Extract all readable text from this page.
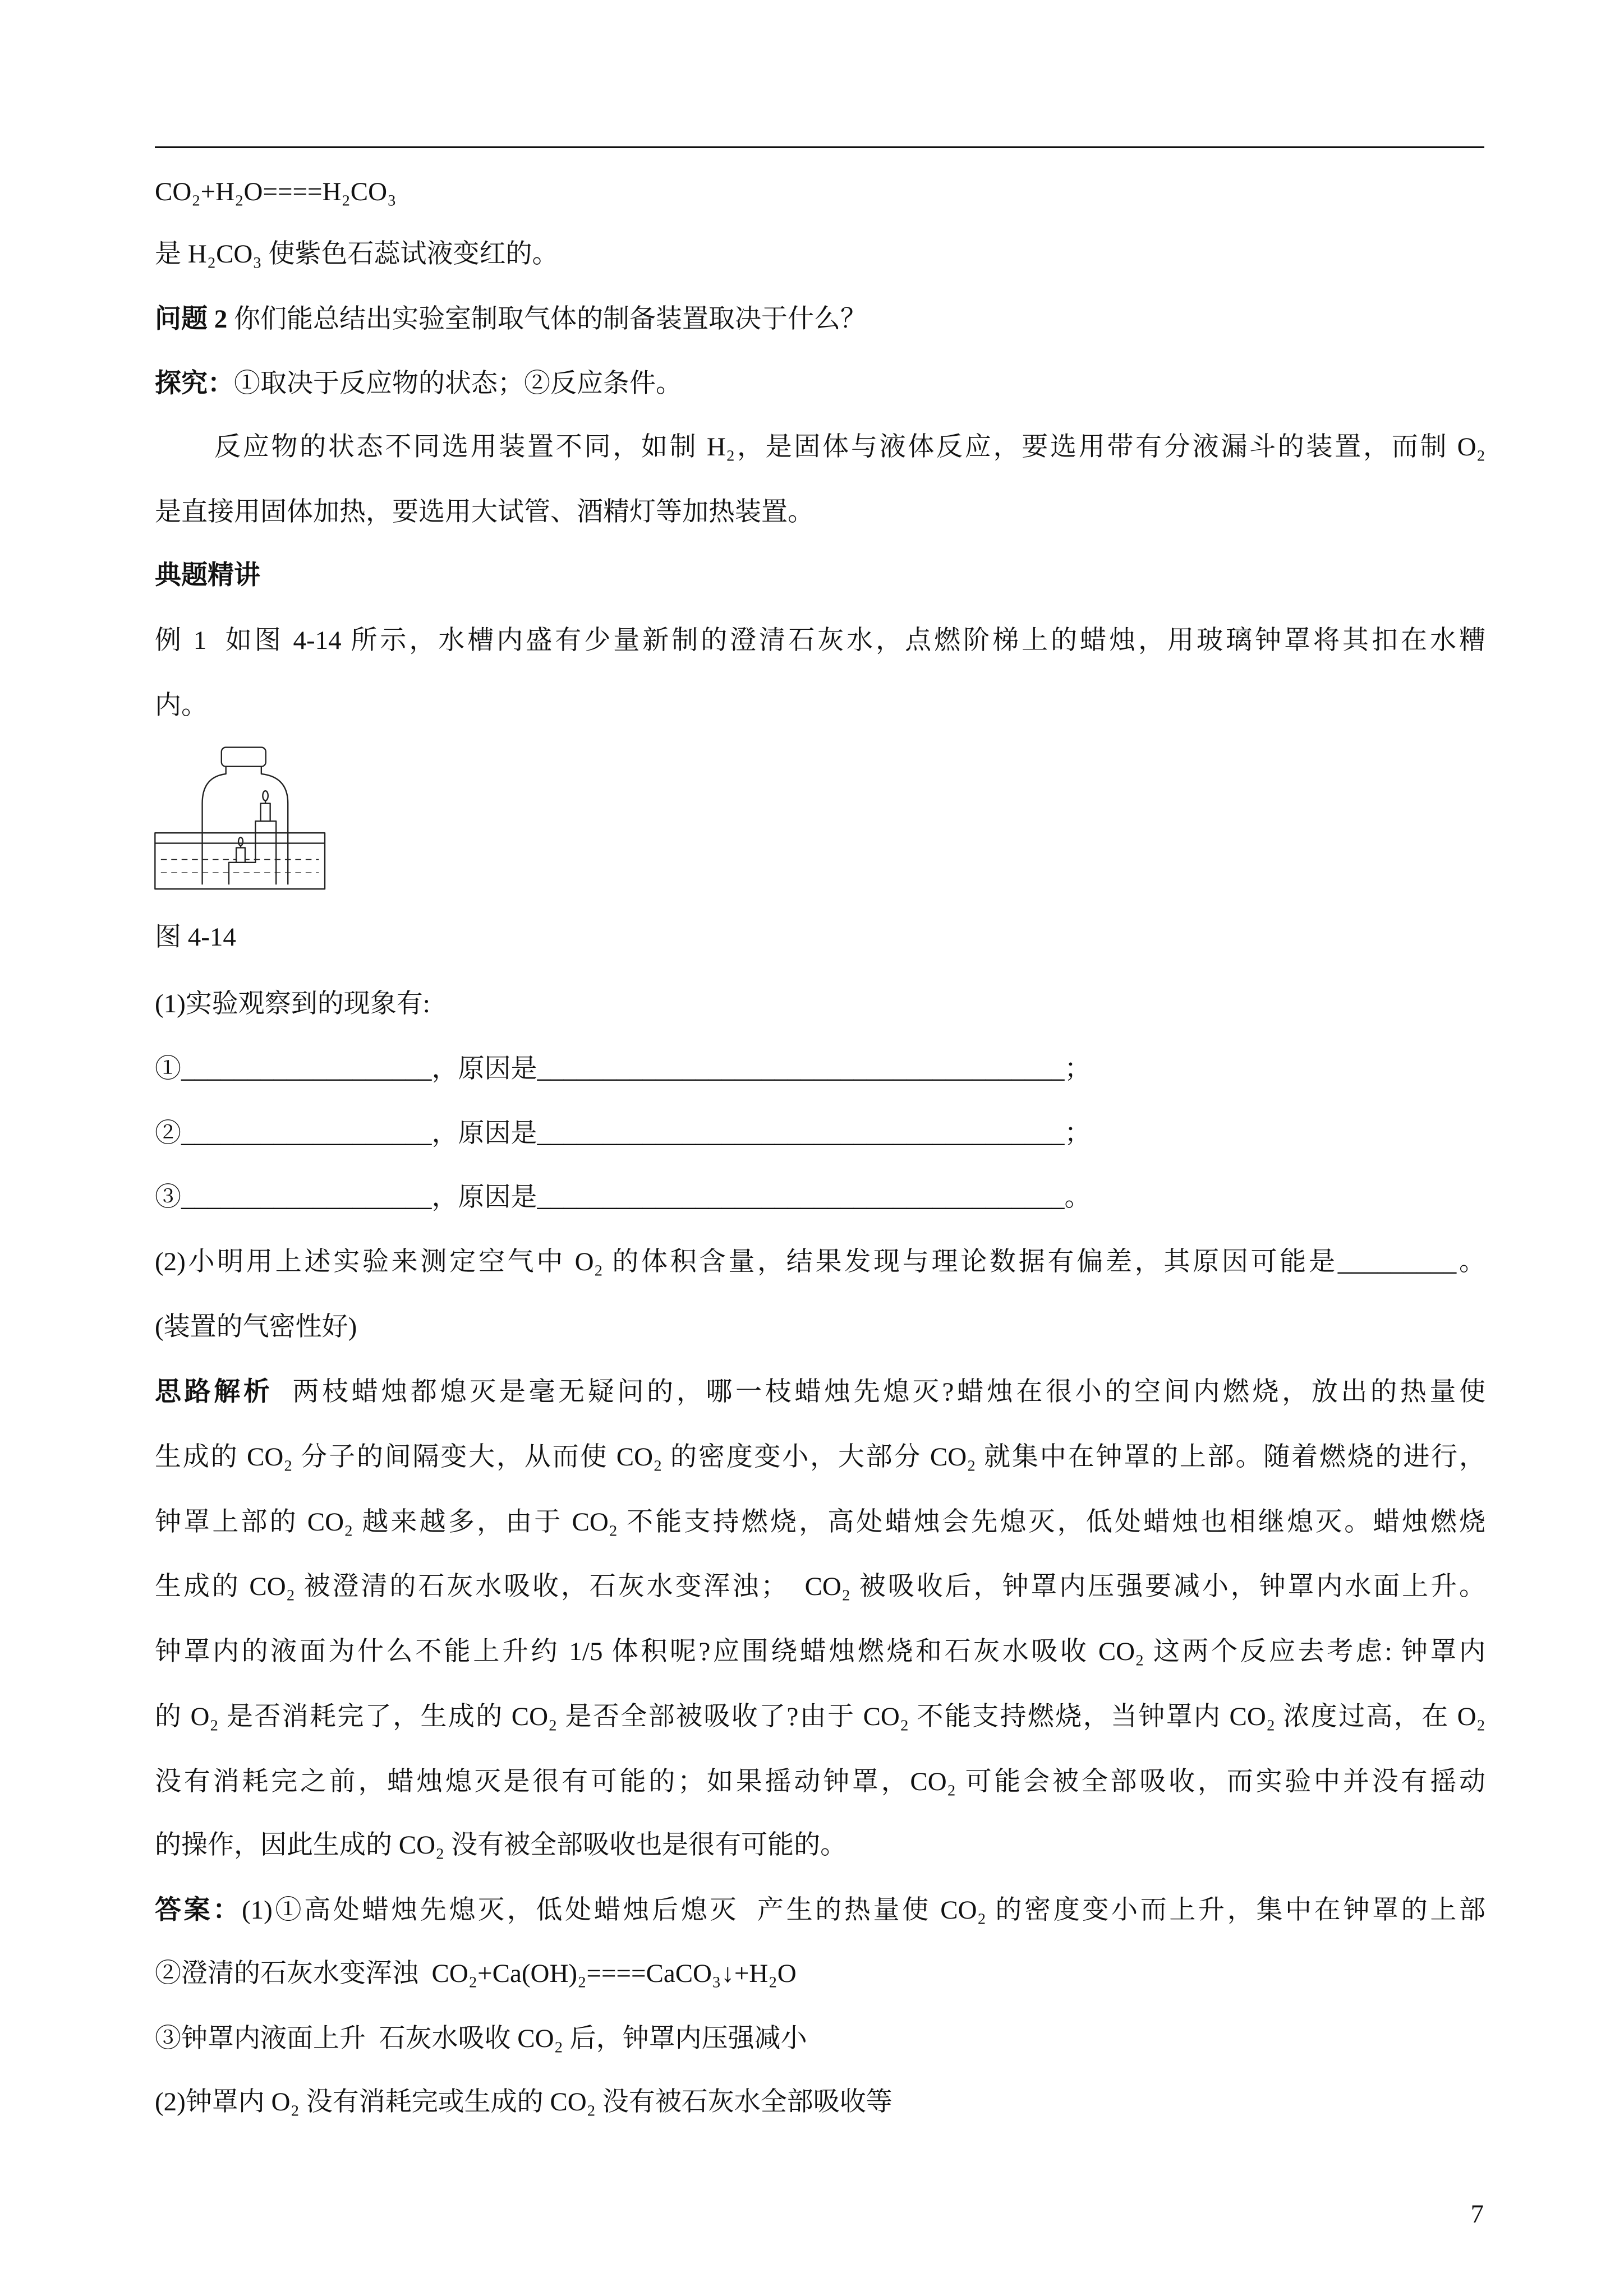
CO₂+H₂O====H₂CO₃
是 H₂CO₃ 使紫色石蕊试液变红的。
问题 2 你们能总结出实验室制取气体的制备装置取决于什么？
探究：①取决于反应物的状态；②反应条件。
反应物的状态不同选用装置不同，如制 H₂，是固体与液体反应，要选用带有分液漏斗的装置，而制 O₂
是直接用固体加热，要选用大试管、酒精灯等加热装置。
典题精讲
例 1  如图 4-14 所示，水槽内盛有少量新制的澄清石灰水，点燃阶梯上的蜡烛，用玻璃钟罩将其扣在水糟
内。
图 4-14
(1)实验观察到的现象有:
①___________________，原因是________________________________________；
②___________________，原因是________________________________________；
③___________________，原因是________________________________________。
(2)小明用上述实验来测定空气中 O₂ 的体积含量，结果发现与理论数据有偏差，其原因可能是_________。
(装置的气密性好)
思路解析  两枝蜡烛都熄灭是毫无疑问的，哪一枝蜡烛先熄灭?蜡烛在很小的空间内燃烧，放出的热量使
生成的 CO₂ 分子的间隔变大，从而使 CO₂ 的密度变小，大部分 CO₂ 就集中在钟罩的上部。随着燃烧的进行，
钟罩上部的 CO₂ 越来越多，由于 CO₂ 不能支持燃烧，高处蜡烛会先熄灭，低处蜡烛也相继熄灭。蜡烛燃烧
生成的 CO₂ 被澄清的石灰水吸收，石灰水变浑浊；  CO₂ 被吸收后，钟罩内压强要减小，钟罩内水面上升。
钟罩内的液面为什么不能上升约 1/5 体积呢?应围绕蜡烛燃烧和石灰水吸收 CO₂ 这两个反应去考虑: 钟罩内
的 O₂ 是否消耗完了，生成的 CO₂ 是否全部被吸收了?由于 CO₂ 不能支持燃烧，当钟罩内 CO₂ 浓度过高，在 O₂
没有消耗完之前，蜡烛熄灭是很有可能的；如果摇动钟罩，CO₂ 可能会被全部吸收，而实验中并没有摇动
的操作，因此生成的 CO₂ 没有被全部吸收也是很有可能的。
答案：(1)①高处蜡烛先熄灭，低处蜡烛后熄灭  产生的热量使 CO₂ 的密度变小而上升，集中在钟罩的上部
②澄清的石灰水变浑浊  CO₂+Ca(OH)₂====CaCO₃↓+H₂O
③钟罩内液面上升  石灰水吸收 CO₂ 后，钟罩内压强减小
(2)钟罩内 O₂ 没有消耗完或生成的 CO₂ 没有被石灰水全部吸收等
7
